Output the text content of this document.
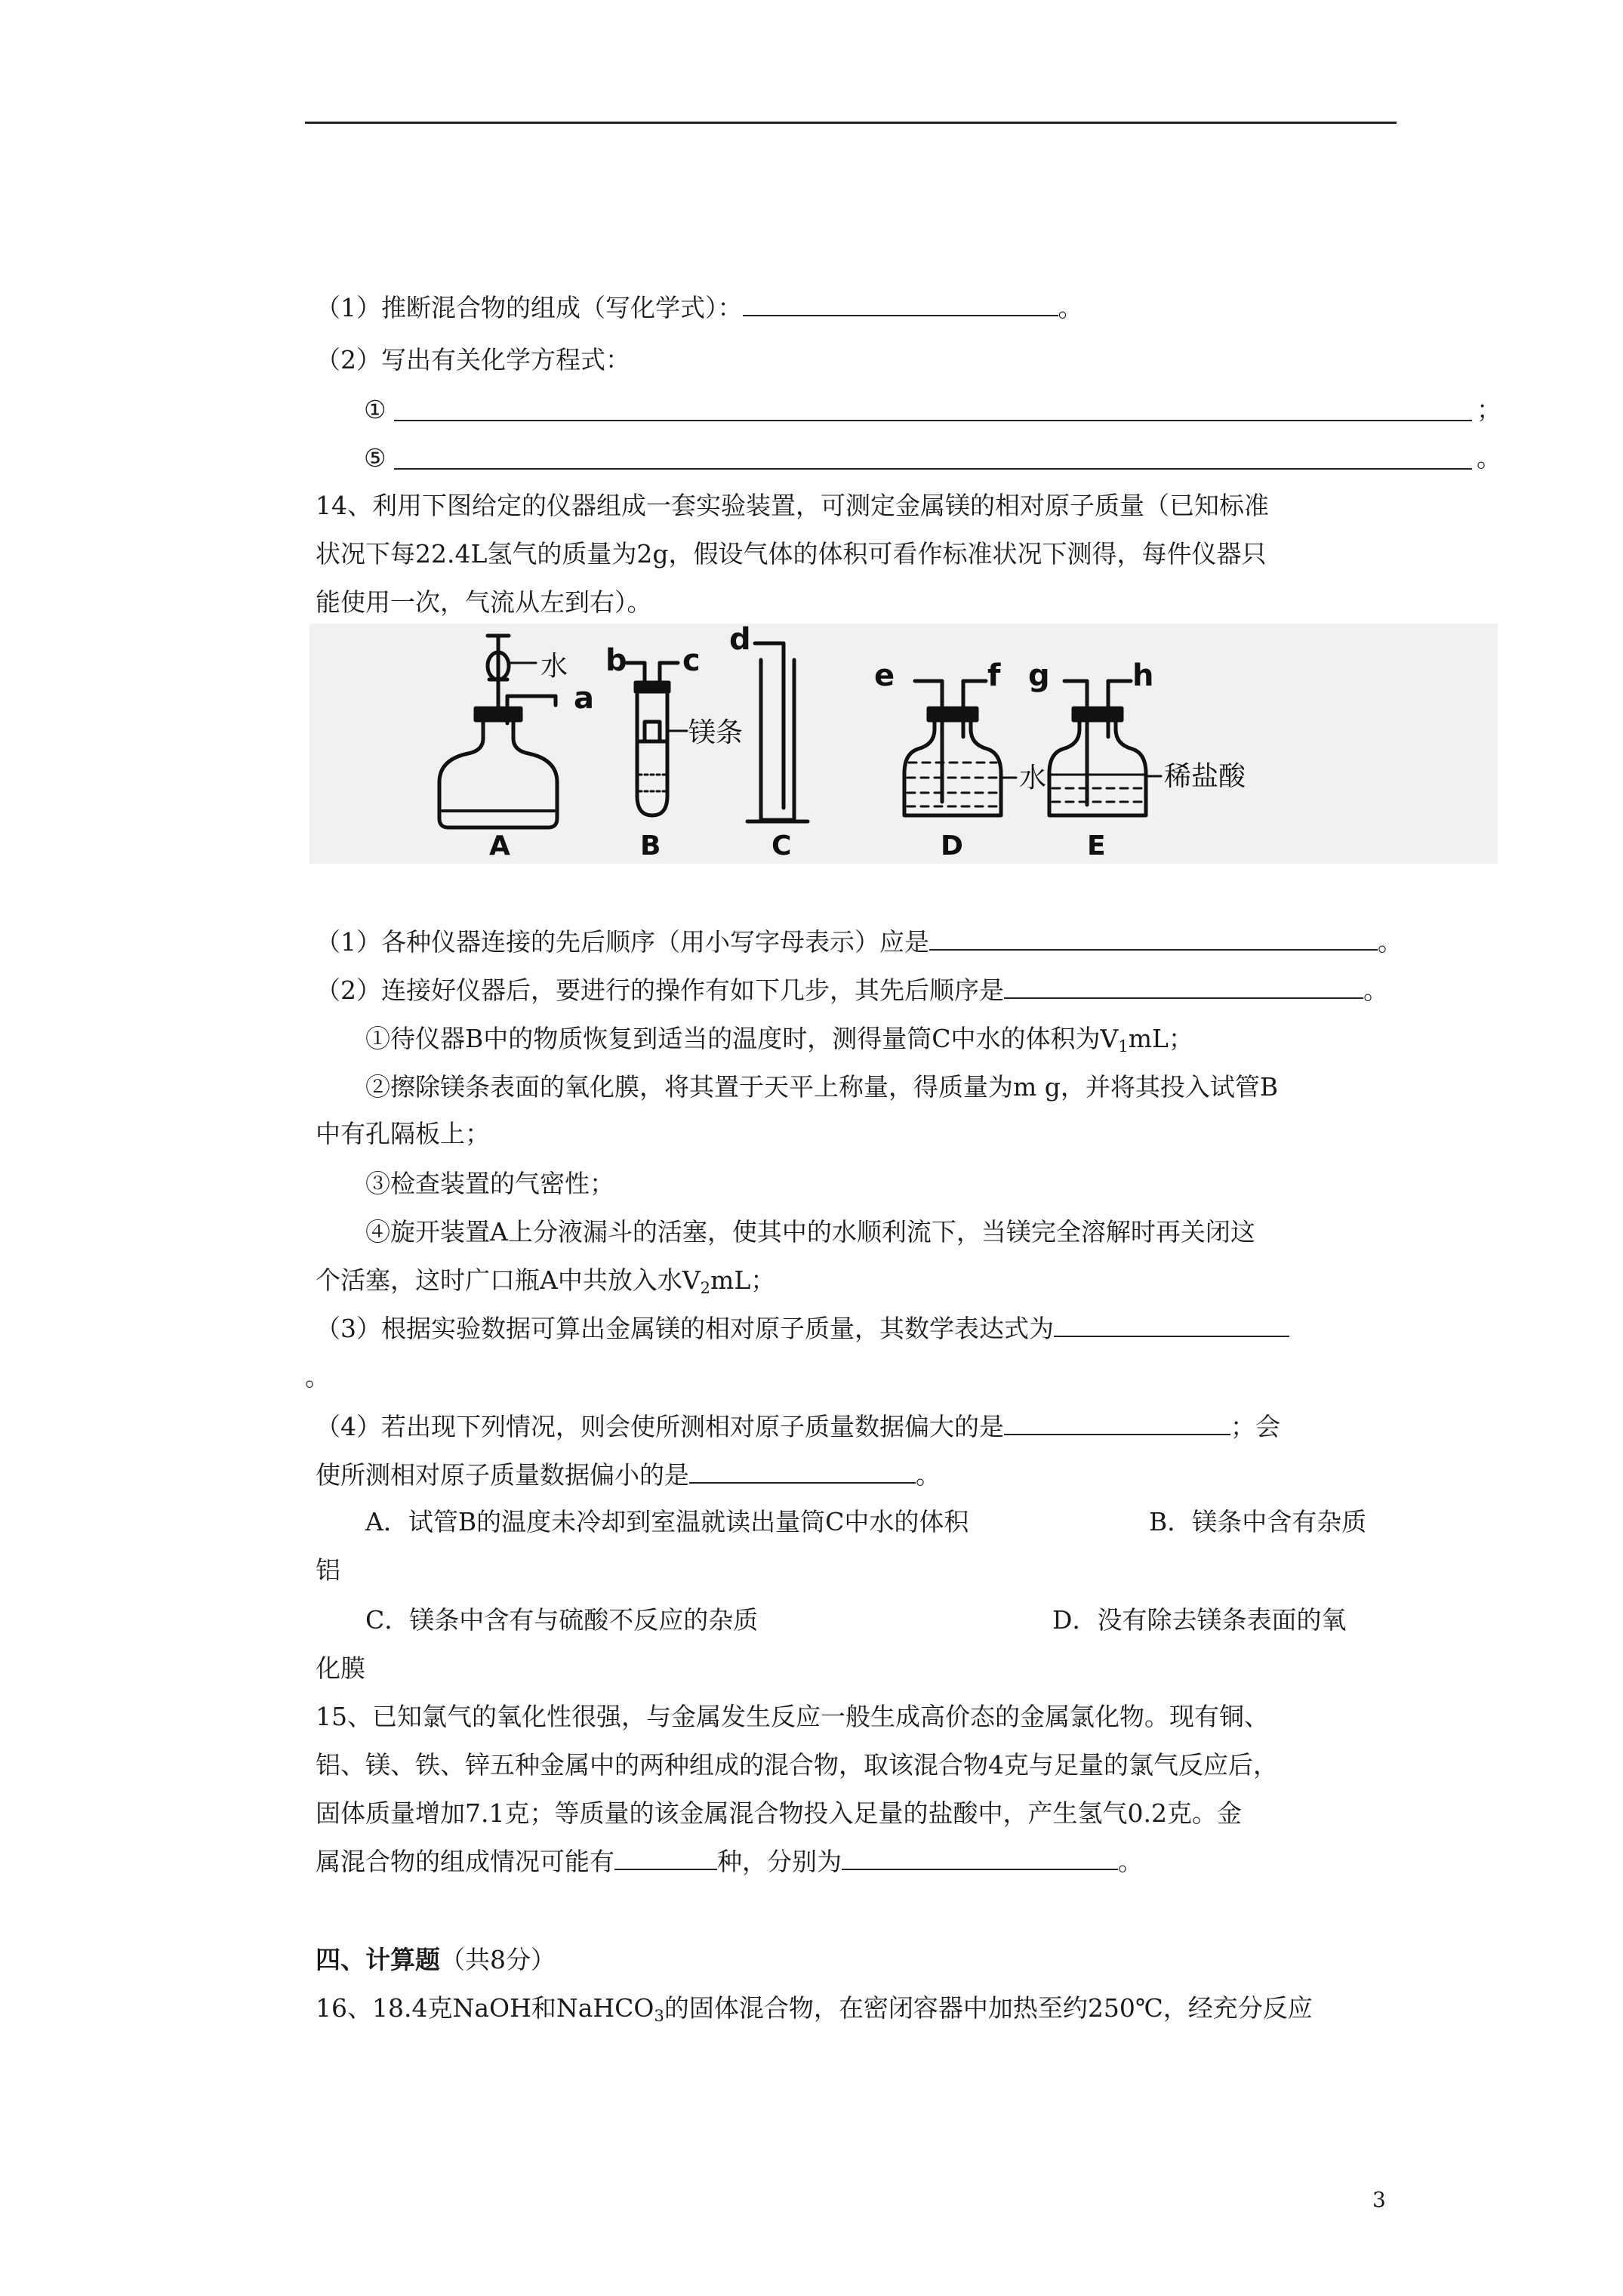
（1）推断混合物的组成（写化学式）：	。
（2）写出有关化学方程式：
①	；
⑤	。
14、利用下图给定的仪器组成一套实验装置，可测定金属镁的相对原子质量（已知标准
状况下每22.4L氢气的质量为2g，假设气体的体积可看作标准状况下测得，每件仪器只
能使用一次，气流从左到右）。
水
a
b c
d
e	f g	h
镁条
水	稀盐酸
A	B	C	D	E
（1）各种仪器连接的先后顺序（用小写字母表示）应是	。
（2）连接好仪器后，要进行的操作有如下几步，其先后顺序是	。
①待仪器B中的物质恢复到适当的温度时，测得量筒C中水的体积为$V_1mL$；
②擦除镁条表面的氧化膜，将其置于天平上称量，得质量为m g，并将其投入试管B
中有孔隔板上；
③检查装置的气密性；
④旋开装置A上分液漏斗的活塞，使其中的水顺利流下，当镁完全溶解时再关闭这
个活塞，这时广口瓶A中共放入水$V_2mL$；
（3）根据实验数据可算出金属镁的相对原子质量，其数学表达式为
。
（4）若出现下列情况，则会使所测相对原子质量数据偏大的是	；会
使所测相对原子质量数据偏小的是	。
A．试管B的温度未冷却到室温就读出量筒C中水的体积	B．镁条中含有杂质
铝
C．镁条中含有与硫酸不反应的杂质	D．没有除去镁条表面的氧
化膜
15、已知氯气的氧化性很强，与金属发生反应一般生成高价态的金属氯化物。现有铜、
铝、镁、铁、锌五种金属中的两种组成的混合物，取该混合物4克与足量的氯气反应后，
固体质量增加7.1克；等质量的该金属混合物投入足量的盐酸中，产生氢气0.2克。金
属混合物的组成情况可能有	种，分别为	。
四、计算题（共8分）
16、18.4克NaOH和NaHCO$_3$的固体混合物，在密闭容器中加热至约250℃，经充分反应
3
